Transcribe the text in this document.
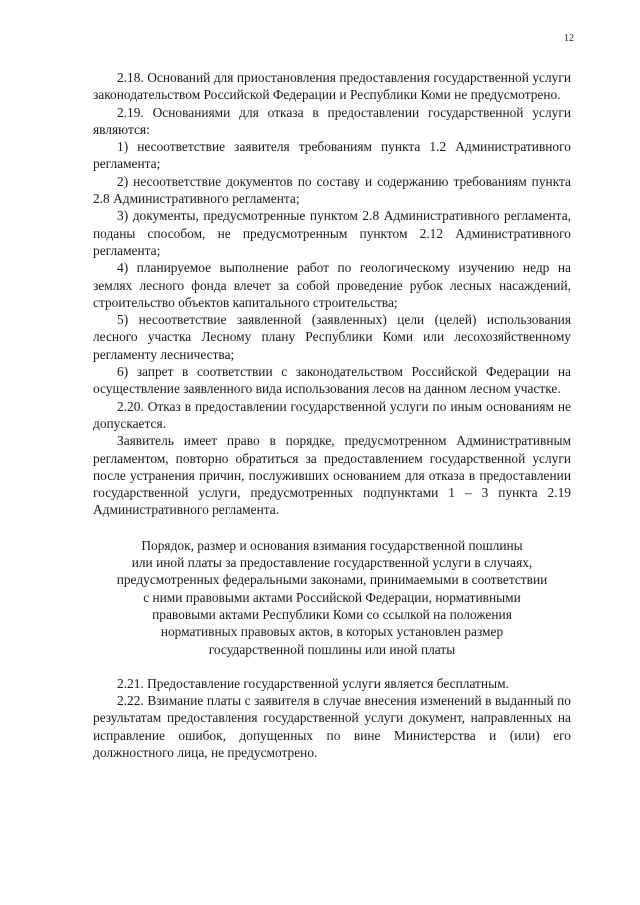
12

2.18. Оснований для приостановления предоставления государственной услуги законодательством Российской Федерации и Республики Коми не предусмотрено.

2.19. Основаниями для отказа в предоставлении государственной услуги являются:

1) несоответствие заявителя требованиям пункта 1.2 Административного регламента;

2) несоответствие документов по составу и содержанию требованиям пункта 2.8 Административного регламента;

3) документы, предусмотренные пунктом 2.8 Административного регламента, поданы способом, не предусмотренным пунктом 2.12 Административного регламента;

4) планируемое выполнение работ по геологическому изучению недр на землях лесного фонда влечет за собой проведение рубок лесных насаждений, строительство объектов капитального строительства;

5) несоответствие заявленной (заявленных) цели (целей) использования лесного участка Лесному плану Республики Коми или лесохозяйственному регламенту лесничества;

6) запрет в соответствии с законодательством Российской Федерации на осуществление заявленного вида использования лесов на данном лесном участке.

2.20. Отказ в предоставлении государственной услуги по иным основаниям не допускается.

Заявитель имеет право в порядке, предусмотренном Административным регламентом, повторно обратиться за предоставлением государственной услуги после устранения причин, послуживших основанием для отказа в предоставлении государственной услуги, предусмотренных подпунктами 1 – 3 пункта 2.19 Административного регламента.

Порядок, размер и основания взимания государственной пошлины
или иной платы за предоставление государственной услуги в случаях,
предусмотренных федеральными законами, принимаемыми в соответствии
с ними правовыми актами Российской Федерации, нормативными
правовыми актами Республики Коми со ссылкой на положения
нормативных правовых актов, в которых установлен размер
государственной пошлины или иной платы

2.21. Предоставление государственной услуги является бесплатным.

2.22. Взимание платы с заявителя в случае внесения изменений в выданный по результатам предоставления государственной услуги документ, направленных на исправление ошибок, допущенных по вине Министерства и (или) его должностного лица, не предусмотрено.
